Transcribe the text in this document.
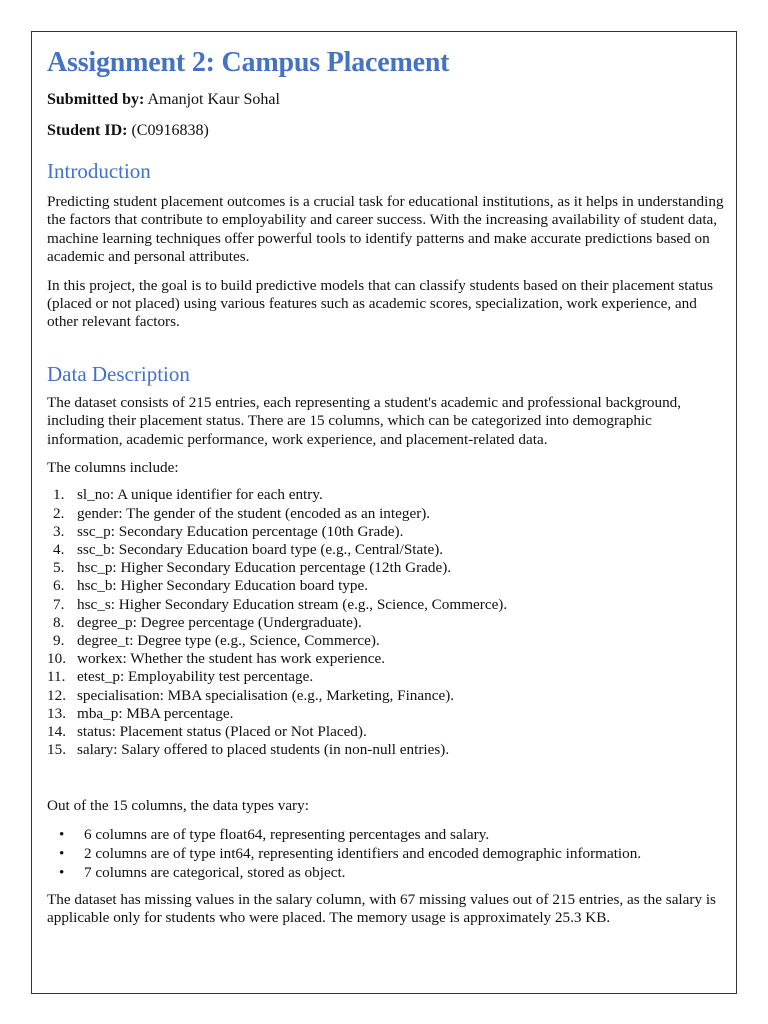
Assignment 2: Campus Placement

Submitted by: Amanjot Kaur Sohal

Student ID: (C0916838)

Introduction

Predicting student placement outcomes is a crucial task for educational institutions, as it helps in understanding the factors that contribute to employability and career success. With the increasing availability of student data, machine learning techniques offer powerful tools to identify patterns and make accurate predictions based on academic and personal attributes.

In this project, the goal is to build predictive models that can classify students based on their placement status (placed or not placed) using various features such as academic scores, specialization, work experience, and other relevant factors.

Data Description

The dataset consists of 215 entries, each representing a student's academic and professional background, including their placement status. There are 15 columns, which can be categorized into demographic information, academic performance, work experience, and placement-related data.

The columns include:

1. sl_no: A unique identifier for each entry.
2. gender: The gender of the student (encoded as an integer).
3. ssc_p: Secondary Education percentage (10th Grade).
4. ssc_b: Secondary Education board type (e.g., Central/State).
5. hsc_p: Higher Secondary Education percentage (12th Grade).
6. hsc_b: Higher Secondary Education board type.
7. hsc_s: Higher Secondary Education stream (e.g., Science, Commerce).
8. degree_p: Degree percentage (Undergraduate).
9. degree_t: Degree type (e.g., Science, Commerce).
10. workex: Whether the student has work experience.
11. etest_p: Employability test percentage.
12. specialisation: MBA specialisation (e.g., Marketing, Finance).
13. mba_p: MBA percentage.
14. status: Placement status (Placed or Not Placed).
15. salary: Salary offered to placed students (in non-null entries).

Out of the 15 columns, the data types vary:

• 6 columns are of type float64, representing percentages and salary.
• 2 columns are of type int64, representing identifiers and encoded demographic information.
• 7 columns are categorical, stored as object.

The dataset has missing values in the salary column, with 67 missing values out of 215 entries, as the salary is applicable only for students who were placed. The memory usage is approximately 25.3 KB.
